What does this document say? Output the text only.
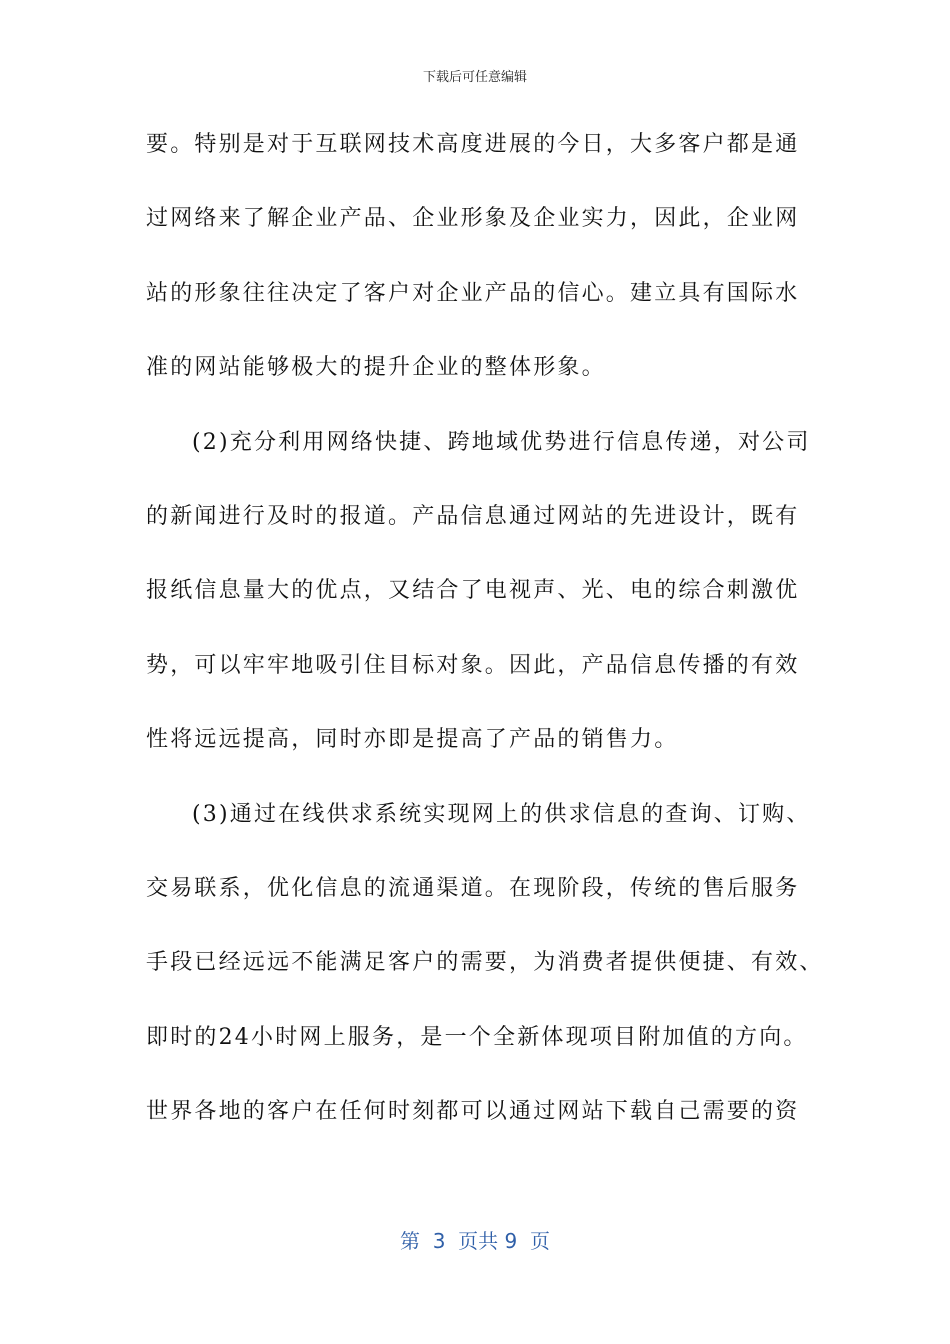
下载后可任意编辑
要。特别是对于互联网技术高度进展的今日，大多客户都是通
过网络来了解企业产品、企业形象及企业实力，因此，企业网
站的形象往往决定了客户对企业产品的信心。建立具有国际水
准的网站能够极大的提升企业的整体形象。
(2)充分利用网络快捷、跨地域优势进行信息传递，对公司
的新闻进行及时的报道。产品信息通过网站的先进设计，既有
报纸信息量大的优点，又结合了电视声、光、电的综合刺激优
势，可以牢牢地吸引住目标对象。因此，产品信息传播的有效
性将远远提高，同时亦即是提高了产品的销售力。
(3)通过在线供求系统实现网上的供求信息的查询、订购、
交易联系，优化信息的流通渠道。在现阶段，传统的售后服务
手段已经远远不能满足客户的需要，为消费者提供便捷、有效、
即时的24小时网上服务，是一个全新体现项目附加值的方向。
世界各地的客户在任何时刻都可以通过网站下载自己需要的资
第  3  页共 9  页
